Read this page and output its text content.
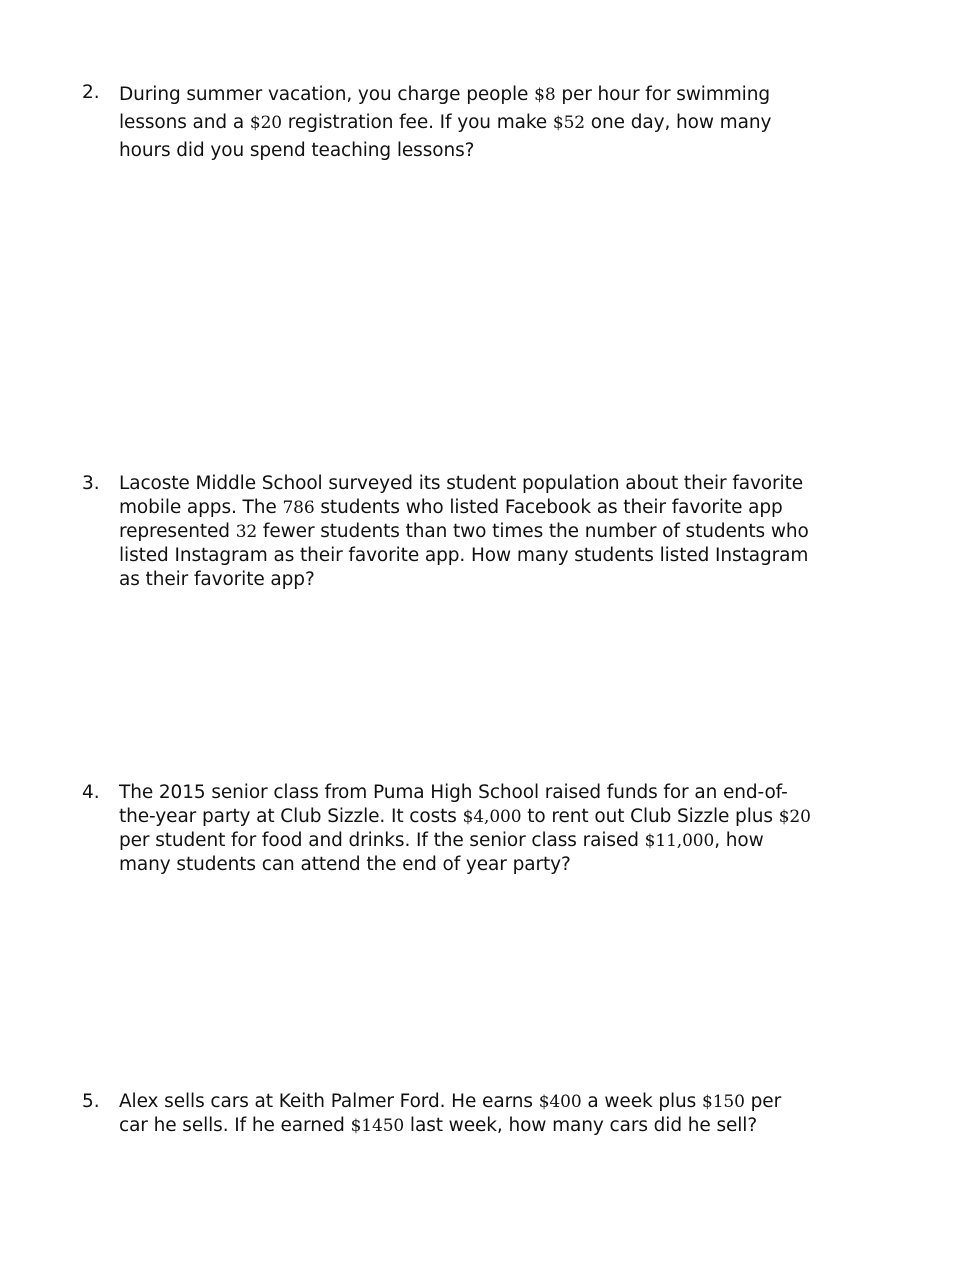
2.	During summer vacation, you charge people $8 per hour for swimming
lessons and a $20 registration fee. If you make $52 one day, how many
hours did you spend teaching lessons?
3.	Lacoste Middle School surveyed its student population about their favorite
mobile apps. The 786 students who listed Facebook as their favorite app
represented 32 fewer students than two times the number of students who
listed Instagram as their favorite app. How many students listed Instagram
as their favorite app?
4.	The 2015 senior class from Puma High School raised funds for an end-of-
the-year party at Club Sizzle. It costs $4,000 to rent out Club Sizzle plus $20
per student for food and drinks. If the senior class raised $11,000, how
many students can attend the end of year party?
5.	Alex sells cars at Keith Palmer Ford. He earns $400 a week plus $150 per
car he sells. If he earned $1450 last week, how many cars did he sell?
